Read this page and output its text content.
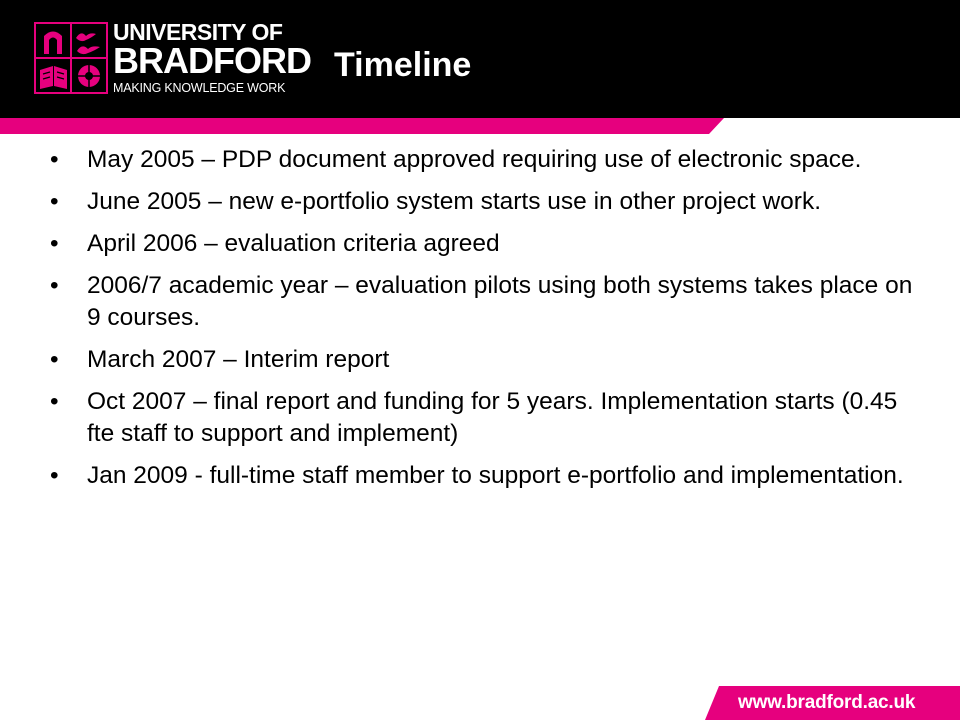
UNIVERSITY OF
BRADFORD
MAKING KNOWLEDGE WORK
Timeline
• May 2005 – PDP document approved requiring use of electronic space.
• June 2005 – new e-portfolio system starts use in other project work.
• April 2006 – evaluation criteria agreed
• 2006/7 academic year – evaluation pilots using both systems takes place on 9 courses.
• March 2007 – Interim report
• Oct 2007 – final report and funding for 5 years. Implementation starts (0.45 fte staff to support and implement)
• Jan 2009 - full-time staff member to support e-portfolio and implementation.
www.bradford.ac.uk
